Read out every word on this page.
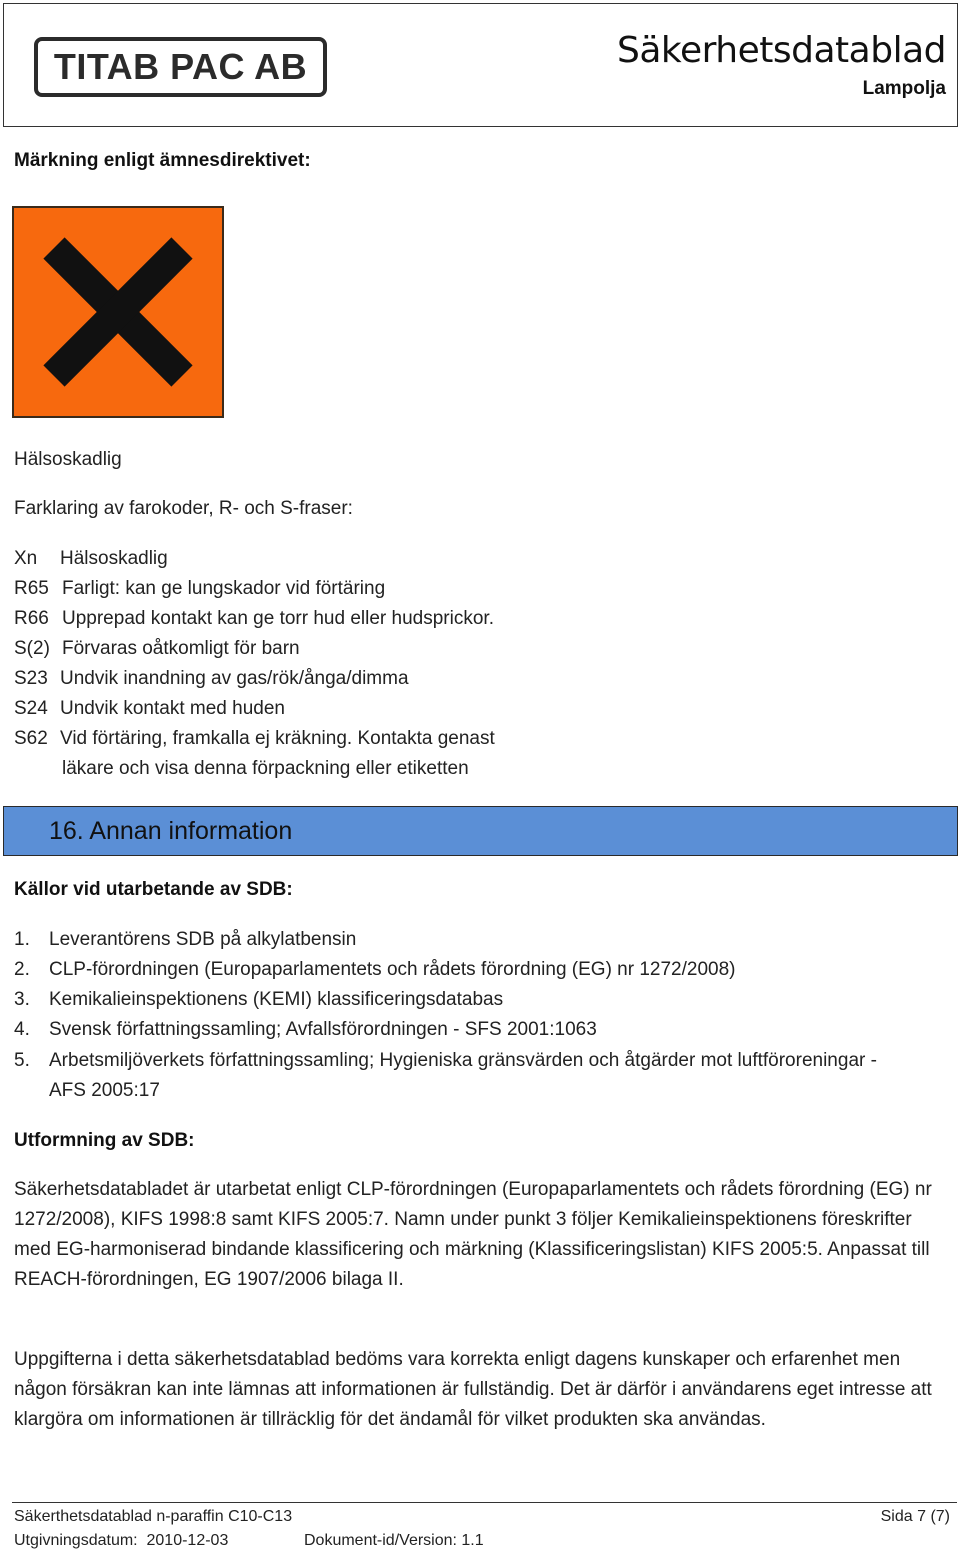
TITAB PAC AB	Säkerhetsdatablad
Lampolja
Märkning enligt ämnesdirektivet:
Hälsoskadlig
Farklaring av farokoder, R- och S-fraser:
Xn Hälsoskadlig
R65 Farligt: kan ge lungskador vid förtäring
R66 Upprepad kontakt kan ge torr hud eller hudsprickor.
S(2) Förvaras oåtkomligt för barn
S23 Undvik inandning av gas/rök/ånga/dimma
S24 Undvik kontakt med huden
S62 Vid förtäring, framkalla ej kräkning. Kontakta genast
läkare och visa denna förpackning eller etiketten
16. Annan information
Källor vid utarbetande av SDB:
1. Leverantörens SDB på alkylatbensin
2. CLP-förordningen (Europaparlamentets och rådets förordning (EG) nr 1272/2008)
3. Kemikalieinspektionens (KEMI) klassificeringsdatabas
4. Svensk författningssamling; Avfallsförordningen - SFS 2001:1063
5. Arbetsmiljöverkets författningssamling; Hygieniska gränsvärden och åtgärder mot luftföroreningar -
AFS 2005:17
Utformning av SDB:
Säkerhetsdatabladet är utarbetat enligt CLP-förordningen (Europaparlamentets och rådets förordning (EG) nr 1272/2008), KIFS 1998:8 samt KIFS 2005:7. Namn under punkt 3 följer Kemikalieinspektionens föreskrifter med EG-harmoniserad bindande klassificering och märkning (Klassificeringslistan) KIFS 2005:5. Anpassat till REACH-förordningen, EG 1907/2006 bilaga II.
Uppgifterna i detta säkerhetsdatablad bedöms vara korrekta enligt dagens kunskaper och erfarenhet men någon försäkran kan inte lämnas att informationen är fullständig. Det är därför i användarens eget intresse att klargöra om informationen är tillräcklig för det ändamål för vilket produkten ska användas.
Säkerthetsdatablad n-paraffin C10-C13	Sida 7 (7)
Utgivningsdatum:  2010-12-03	Dokument-id/Version: 1.1
